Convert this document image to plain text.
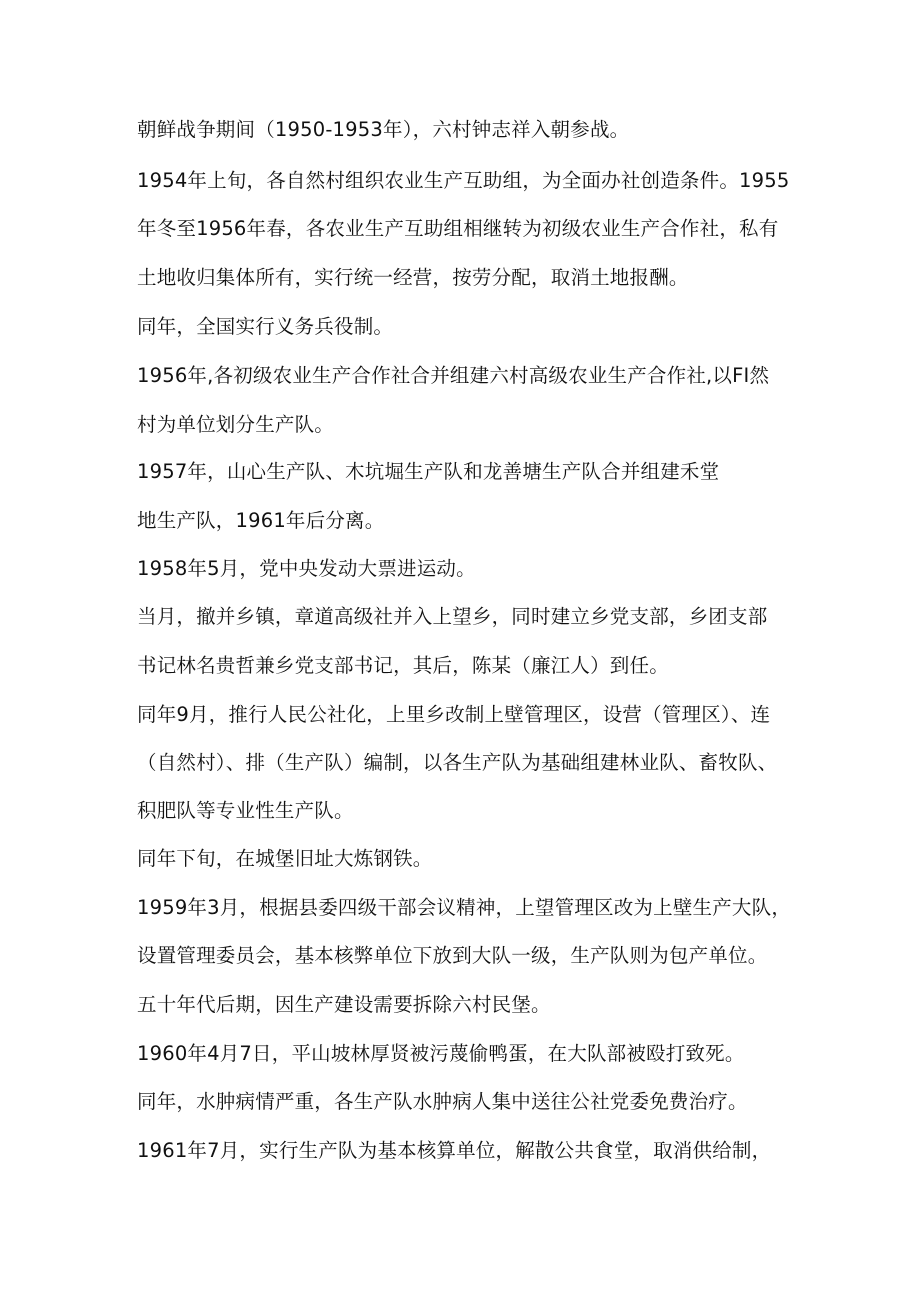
朝鲜战争期间（1950-1953年），六村钟志祥入朝参战。
1954年上旬，各自然村组织农业生产互助组，为全面办社创造条件。1955
年冬至1956年春，各农业生产互助组相继转为初级农业生产合作社，私有
土地收归集体所有，实行统一经营，按劳分配，取消土地报酬。
同年，全国实行义务兵役制。
1956年,各初级农业生产合作社合并组建六村高级农业生产合作社,以FI然
村为单位划分生产队。
1957年，山心生产队、木坑堀生产队和龙善塘生产队合并组建禾堂
地生产队，1961年后分离。
1958年5月，党中央发动大票进运动。
当月，撤并乡镇，章道高级社并入上望乡，同时建立乡党支部，乡团支部
书记林名贵哲兼乡党支部书记，其后，陈某（廉江人）到任。
同年9月，推行人民公社化，上里乡改制上壁管理区，设营（管理区）、连
（自然村）、排（生产队）编制，以各生产队为基础组建林业队、畜牧队、
积肥队等专业性生产队。
同年下旬，在城堡旧址大炼钢铁。
1959年3月，根据县委四级干部会议精神，上望管理区改为上壁生产大队，
设置管理委员会，基本核弊单位下放到大队一级，生产队则为包产单位。
五十年代后期，因生产建设需要拆除六村民堡。
1960年4月7日，平山坡林厚贤被污蔑偷鸭蛋，在大队部被殴打致死。
同年，水肿病情严重，各生产队水肿病人集中送往公社党委免费治疗。
1961年7月，实行生产队为基本核算单位，解散公共食堂，取消供给制，
